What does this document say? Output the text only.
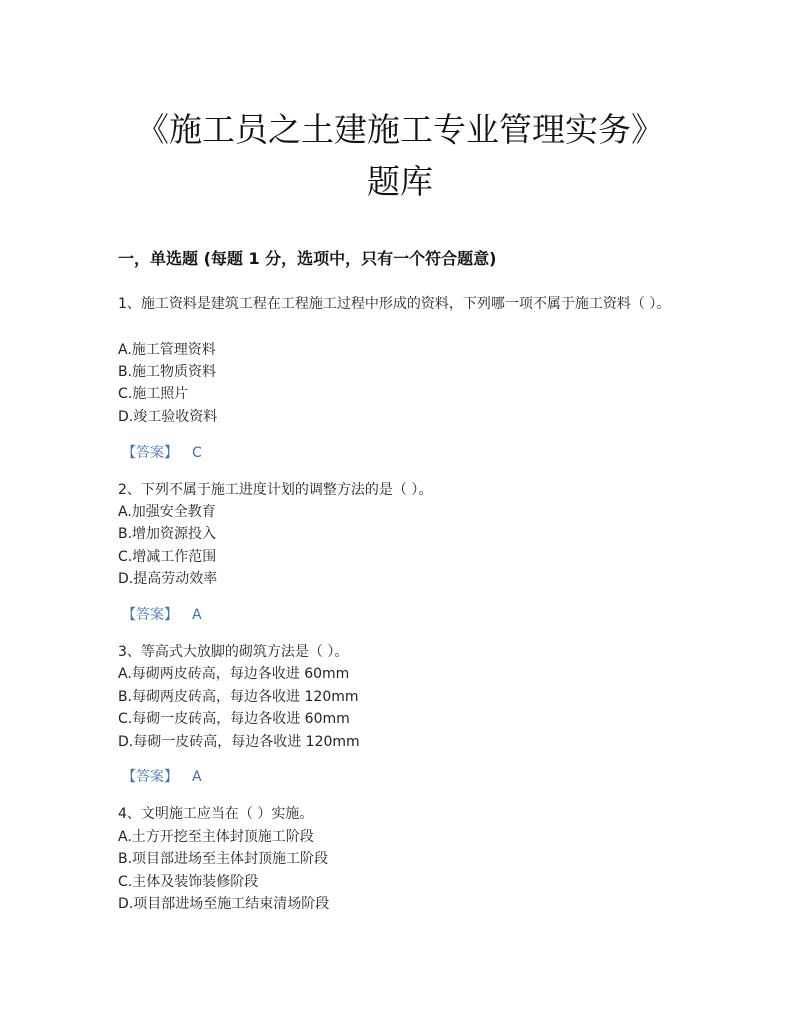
《施工员之土建施工专业管理实务》
题库
一，单选题 (每题 1 分，选项中，只有一个符合题意)

1、施工资料是建筑工程在工程施工过程中形成的资料，下列哪一项不属于施工资料（ ）。

A.施工管理资料
B.施工物质资料
C.施工照片
D.竣工验收资料
【答案】 C

2、下列不属于施工进度计划的调整方法的是（ ）。

A.加强安全教育
B.增加资源投入
C.增减工作范围
D.提高劳动效率
【答案】 A

3、等高式大放脚的砌筑方法是（ ）。

A.每砌两皮砖高，每边各收进 60mm
B.每砌两皮砖高，每边各收进 120mm
C.每砌一皮砖高，每边各收进 60mm
D.每砌一皮砖高，每边各收进 120mm
【答案】 A

4、文明施工应当在（ ）实施。

A.土方开挖至主体封顶施工阶段
B.项目部进场至主体封顶施工阶段
C.主体及装饰装修阶段
D.项目部进场至施工结束清场阶段
